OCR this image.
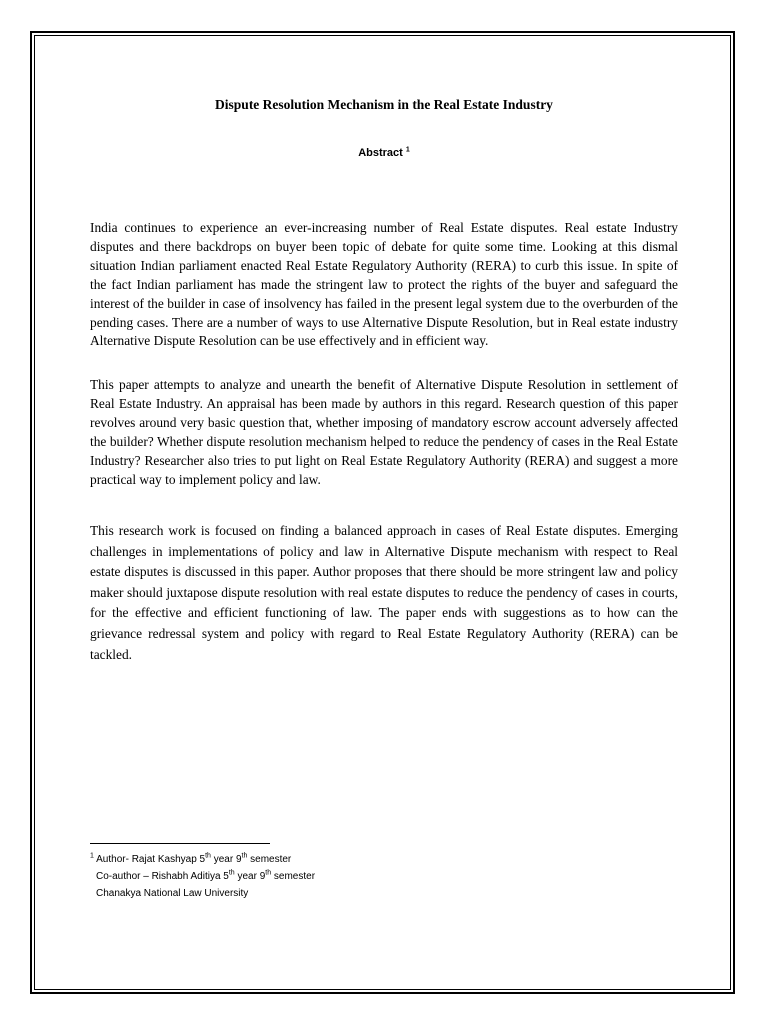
Dispute Resolution Mechanism in the Real Estate Industry
Abstract $^1$

India continues to experience an ever-increasing number of Real Estate disputes. Real estate Industry disputes and there backdrops on buyer been topic of debate for quite some time. Looking at this dismal situation Indian parliament enacted Real Estate Regulatory Authority (RERA) to curb this issue. In spite of the fact Indian parliament has made the stringent law to protect the rights of the buyer and safeguard the interest of the builder in case of insolvency has failed in the present legal system due to the overburden of the pending cases. There are a number of ways to use Alternative Dispute Resolution, but in Real estate industry Alternative Dispute Resolution can be use effectively and in efficient way.

This paper attempts to analyze and unearth the benefit of Alternative Dispute Resolution in settlement of Real Estate Industry. An appraisal has been made by authors in this regard. Research question of this paper revolves around very basic question that, whether imposing of mandatory escrow account adversely affected the builder? Whether dispute resolution mechanism helped to reduce the pendency of cases in the Real Estate Industry? Researcher also tries to put light on Real Estate Regulatory Authority (RERA) and suggest a more practical way to implement policy and law.

This research work is focused on finding a balanced approach in cases of Real Estate disputes. Emerging challenges in implementations of policy and law in Alternative Dispute mechanism with respect to Real estate disputes is discussed in this paper. Author proposes that there should be more stringent law and policy maker should juxtapose dispute resolution with real estate disputes to reduce the pendency of cases in courts, for the effective and efficient functioning of law. The paper ends with suggestions as to how can the grievance redressal system and policy with regard to Real Estate Regulatory Authority (RERA) can be tackled.

$^1$ Author- Rajat Kashyap 5th year 9th semester
Co-author – Rishabh Aditiya 5th year 9th semester
Chanakya National Law University
